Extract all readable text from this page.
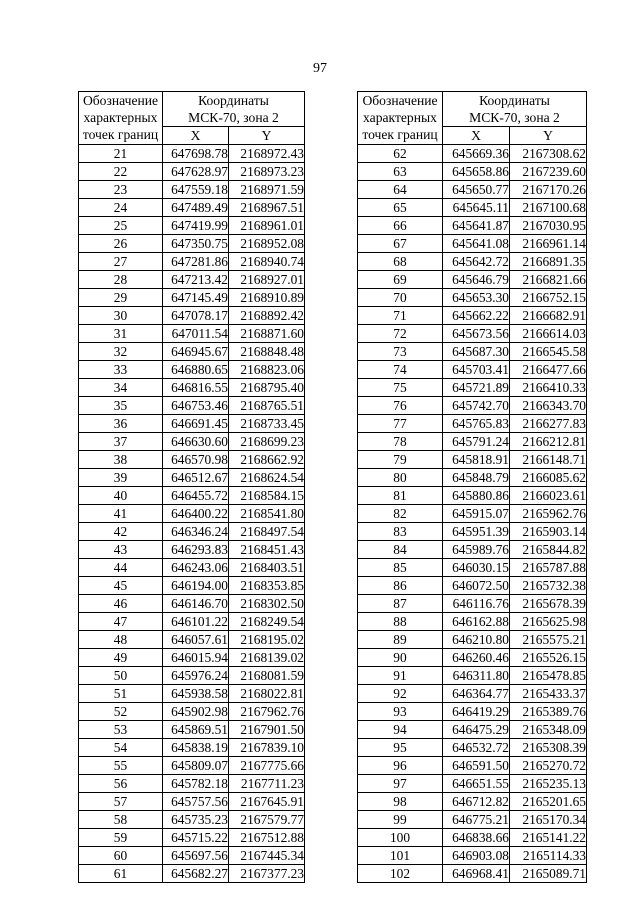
97
Обозначение
характерных
точек границ	Координаты
МСК-70, зона 2	
	X	Y
21	647698.78	2168972.43
22	647628.97	2168973.23
23	647559.18	2168971.59
24	647489.49	2168967.51
25	647419.99	2168961.01
26	647350.75	2168952.08
27	647281.86	2168940.74
28	647213.42	2168927.01
29	647145.49	2168910.89
30	647078.17	2168892.42
31	647011.54	2168871.60
32	646945.67	2168848.48
33	646880.65	2168823.06
34	646816.55	2168795.40
35	646753.46	2168765.51
36	646691.45	2168733.45
37	646630.60	2168699.23
38	646570.98	2168662.92
39	646512.67	2168624.54
40	646455.72	2168584.15
41	646400.22	2168541.80
42	646346.24	2168497.54
43	646293.83	2168451.43
44	646243.06	2168403.51
45	646194.00	2168353.85
46	646146.70	2168302.50
47	646101.22	2168249.54
48	646057.61	2168195.02
49	646015.94	2168139.02
50	645976.24	2168081.59
51	645938.58	2168022.81
52	645902.98	2167962.76
53	645869.51	2167901.50
54	645838.19	2167839.10
55	645809.07	2167775.66
56	645782.18	2167711.23
57	645757.56	2167645.91
58	645735.23	2167579.77
59	645715.22	2167512.88
60	645697.56	2167445.34
61	645682.27	2167377.23
Обозначение
характерных
точек границ	Координаты
МСК-70, зона 2	
	X	Y
62	645669.36	2167308.62
63	645658.86	2167239.60
64	645650.77	2167170.26
65	645645.11	2167100.68
66	645641.87	2167030.95
67	645641.08	2166961.14
68	645642.72	2166891.35
69	645646.79	2166821.66
70	645653.30	2166752.15
71	645662.22	2166682.91
72	645673.56	2166614.03
73	645687.30	2166545.58
74	645703.41	2166477.66
75	645721.89	2166410.33
76	645742.70	2166343.70
77	645765.83	2166277.83
78	645791.24	2166212.81
79	645818.91	2166148.71
80	645848.79	2166085.62
81	645880.86	2166023.61
82	645915.07	2165962.76
83	645951.39	2165903.14
84	645989.76	2165844.82
85	646030.15	2165787.88
86	646072.50	2165732.38
87	646116.76	2165678.39
88	646162.88	2165625.98
89	646210.80	2165575.21
90	646260.46	2165526.15
91	646311.80	2165478.85
92	646364.77	2165433.37
93	646419.29	2165389.76
94	646475.29	2165348.09
95	646532.72	2165308.39
96	646591.50	2165270.72
97	646651.55	2165235.13
98	646712.82	2165201.65
99	646775.21	2165170.34
100	646838.66	2165141.22
101	646903.08	2165114.33
102	646968.41	2165089.71
